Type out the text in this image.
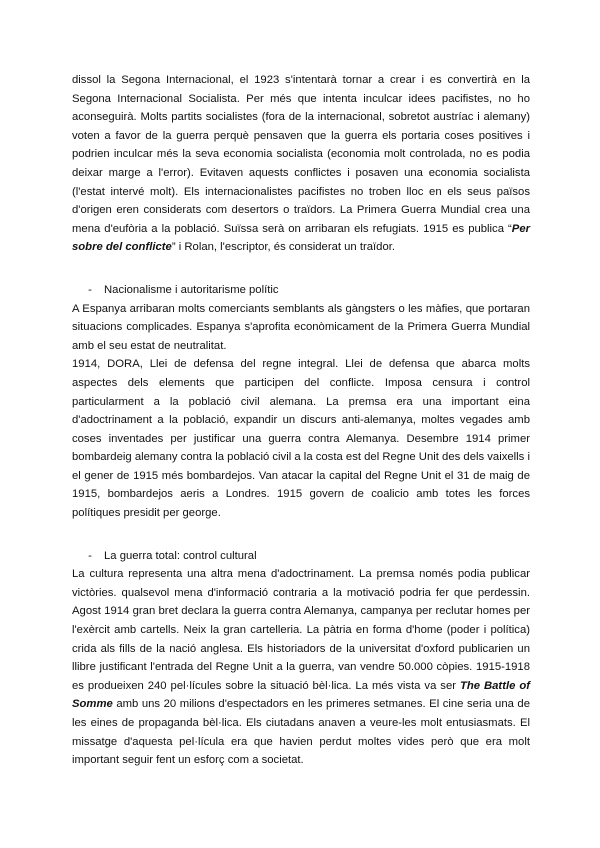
dissol la Segona Internacional, el 1923 s'intentarà tornar a crear i es convertirà en la Segona Internacional Socialista. Per més que intenta inculcar idees pacifistes, no ho aconseguirà. Molts partits socialistes (fora de la internacional, sobretot austríac i alemany) voten a favor de la guerra perquè pensaven que la guerra els portaria coses positives i podrien inculcar més la seva economia socialista (economia molt controlada, no es podia deixar marge a l'error). Evitaven aquests conflictes i posaven una economia socialista (l'estat intervé molt). Els internacionalistes pacifistes no troben lloc en els seus països d'origen eren considerats com desertors o traïdors. La Primera Guerra Mundial crea una mena d'eufòria a la població. Suïssa serà on arribaran els refugiats. 1915 es publica “Per sobre del conflicte” i Rolan, l'escriptor, és considerat un traïdor.

-	Nacionalisme i autoritarisme polític

A Espanya arribaran molts comerciants semblants als gàngsters o les màfies, que portaran situacions complicades. Espanya s'aprofita econòmicament de la Primera Guerra Mundial amb el seu estat de neutralitat.

1914, DORA, Llei de defensa del regne integral. Llei de defensa que abarca molts aspectes dels elements que participen del conflicte. Imposa censura i control particularment a la població civil alemana. La premsa era una important eina d'adoctrinament a la població, expandir un discurs anti-alemanya, moltes vegades amb coses inventades per justificar una guerra contra Alemanya. Desembre 1914 primer bombardeig alemany contra la població civil a la costa est del Regne Unit des dels vaixells i el gener de 1915 més bombardejos. Van atacar la capital del Regne Unit el 31 de maig de 1915, bombardejos aeris a Londres. 1915 govern de coalicio amb totes les forces polítiques presidit per george.

-	La guerra total: control cultural

La cultura representa una altra mena d'adoctrinament. La premsa només podia publicar victòries. qualsevol mena d'informació contraria a la motivació podria fer que perdessin. Agost 1914 gran bret declara la guerra contra Alemanya, campanya per reclutar homes per l'exèrcit amb cartells. Neix la gran cartelleria. La pàtria en forma d'home (poder i política) crida als fills de la nació anglesa. Els historiadors de la universitat d'oxford publicarien un llibre justificant l'entrada del Regne Unit a la guerra, van vendre 50.000 còpies. 1915-1918 es produeixen 240 pel·lícules sobre la situació bèl·lica. La més vista va ser The Battle of Somme amb uns 20 milions d'espectadors en les primeres setmanes. El cine seria una de les eines de propaganda bèl·lica. Els ciutadans anaven a veure-les molt entusiasmats. El missatge d'aquesta pel·lícula era que havien perdut moltes vides però que era molt important seguir fent un esforç com a societat.
